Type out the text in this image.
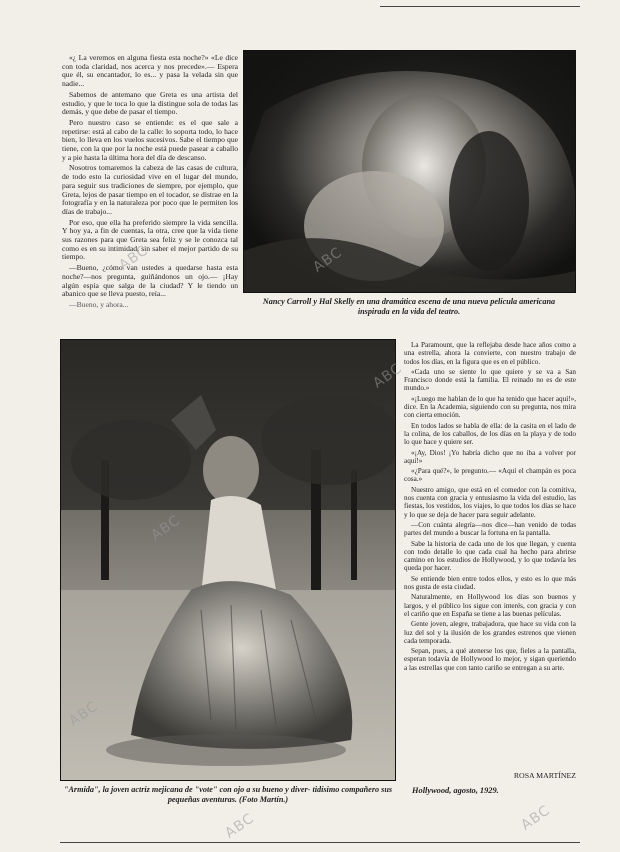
«¿ La veremos en alguna fiesta esta noche?» «Le dice con toda claridad, nos acerca y nos precede».— Espera que él, su encantador, lo es... y pasa la velada sin que nadie...

Sabemos de antemano que Greta es una artista del estudio, y que le toca lo que la distingue sola de todas las demás, y que debe de pasar el tiempo.

Pero nuestro caso se entiende: es el que sale a repetirse: está al cabo de la calle: lo soporta todo, lo hace bien, lo lleva en los vuelos sucesivos. Sabe el tiempo que tiene, con la que por la noche está puede pasear a caballo y a pie hasta la última hora del día de descanso.

Nosotros tomaremos la cabeza de las casas de cultura, de todo esto la curiosidad vive en el lugar del mundo, para seguir sus tradiciones de siempre, por ejemplo, que Greta, lejos de pasar tiempo en el tocador, se distrae en la fotografía y en la naturaleza por poco que le permiten los días de trabajo...

Por eso, que ella ha preferido siempre la vida sencilla. Y hoy ya, a fin de cuentas, la otra, cree que la vida tiene sus razones para que Greta sea feliz y se le conozca tal como es en su intimidad, sin saber el mejor partido de su tiempo.

—Bueno, ¿cómo van ustedes a quedarse hasta esta noche?—nos pregunta, guiñándonos un ojo.— ¡Hay algún espía que salga de la ciudad? Y le tiendo un abanico que se lleva puesto, reía...

—Bueno, y ahora...	Nancy Carroll y Hal Skelly en una dramática escena de una nueva película americana inspirada en la vida del teatro.
"Armida", la joven actriz mejicana de "vote" con ojo a su bueno y diver- tidísimo compañero sus pequeñas aventuras. (Foto Martín.)

La Paramount, que la reflejaba desde hace años como a una estrella, ahora la convierte, con nuestro trabajo de todos los días, en la figura que es en el público.

«Cada uno se siente lo que quiere y se va a San Francisco donde está la familia. El reinado no es de este mundo.»

«¡Luego me hablan de lo que ha tenido que hacer aquí!», dice. En la Academia, siguiendo con su pregunta, nos mira con cierta emoción.

En todos lados se habla de ella: de la casita en el lado de la colina, de los caballos, de los días en la playa y de todo lo que hace y quiere ser.

«¡Ay, Dios! ¡Yo habría dicho que no iba a volver por aquí!»

«¿Para qué?», le pregunto.— «Aquí el champán es poca cosa.»

Nuestro amigo, que está en el comedor con la comitiva, nos cuenta con gracia y entusiasmo la vida del estudio, las fiestas, los vestidos, los viajes, lo que todos los días se hace y lo que se deja de hacer para seguir adelante.

—Con cuánta alegría—nos dice—han venido de todas partes del mundo a buscar la fortuna en la pantalla.

Sabe la historia de cada uno de los que llegan, y cuenta con todo detalle lo que cada cual ha hecho para abrirse camino en los estudios de Hollywood, y lo que todavía les queda por hacer.

Se entiende bien entre todos ellos, y esto es lo que más nos gusta de esta ciudad.

Naturalmente, en Hollywood los días son buenos y largos, y el público los sigue con interés, con gracia y con el cariño que en España se tiene a las buenas películas.

Gente joven, alegre, trabajadora, que hace su vida con la luz del sol y la ilusión de los grandes estrenos que vienen cada temporada.

Sepan, pues, a qué atenerse los que, fieles a la pantalla, esperan todavía de Hollywood lo mejor, y sigan queriendo a las estrellas que con tanto cariño se entregan a su arte.

ROSA MARTÍNEZ
Hollywood, agosto, 1929.
ABC	ABC
ABC
ABC
ABC
ABC	ABC
